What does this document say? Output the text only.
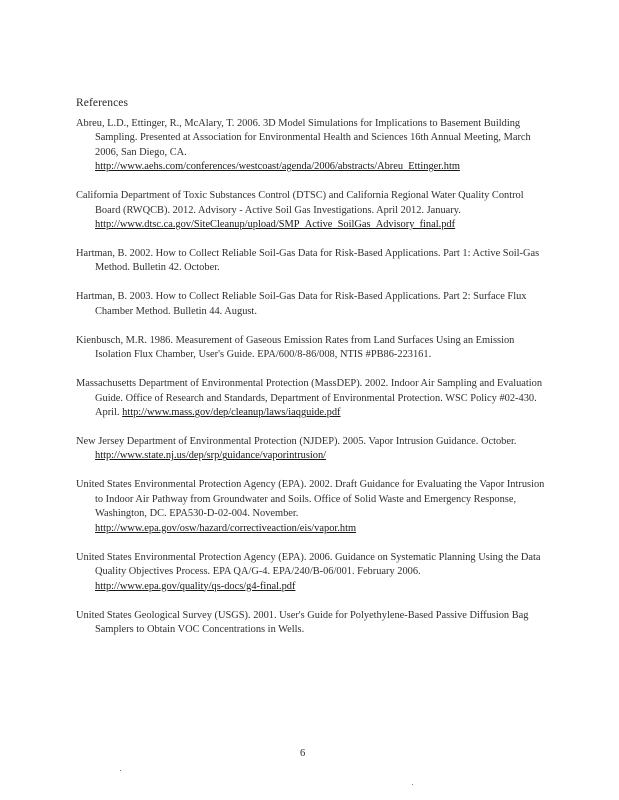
References

Abreu, L.D., Ettinger, R., McAlary, T. 2006. 3D Model Simulations for Implications to Basement Building Sampling. Presented at Association for Environmental Health and Sciences 16th Annual Meeting, March 2006, San Diego, CA. http://www.aehs.com/conferences/westcoast/agenda/2006/abstracts/Abreu_Ettinger.htm

California Department of Toxic Substances Control (DTSC) and California Regional Water Quality Control Board (RWQCB). 2012. Advisory - Active Soil Gas Investigations. April 2012. January. http://www.dtsc.ca.gov/SiteCleanup/upload/SMP_Active_SoilGas_Advisory_final.pdf

Hartman, B. 2002. How to Collect Reliable Soil-Gas Data for Risk-Based Applications. Part 1: Active Soil-Gas Method. Bulletin 42. October.

Hartman, B. 2003. How to Collect Reliable Soil-Gas Data for Risk-Based Applications. Part 2: Surface Flux Chamber Method. Bulletin 44. August.

Kienbusch, M.R. 1986. Measurement of Gaseous Emission Rates from Land Surfaces Using an Emission Isolation Flux Chamber, User's Guide. EPA/600/8-86/008, NTIS #PB86-223161.

Massachusetts Department of Environmental Protection (MassDEP). 2002. Indoor Air Sampling and Evaluation Guide. Office of Research and Standards, Department of Environmental Protection. WSC Policy #02-430. April. http://www.mass.gov/dep/cleanup/laws/iaqguide.pdf

New Jersey Department of Environmental Protection (NJDEP). 2005. Vapor Intrusion Guidance. October. http://www.state.nj.us/dep/srp/guidance/vaporintrusion/

United States Environmental Protection Agency (EPA). 2002. Draft Guidance for Evaluating the Vapor Intrusion to Indoor Air Pathway from Groundwater and Soils. Office of Solid Waste and Emergency Response, Washington, DC. EPA530-D-02-004. November. http://www.epa.gov/osw/hazard/correctiveaction/eis/vapor.htm

United States Environmental Protection Agency (EPA). 2006. Guidance on Systematic Planning Using the Data Quality Objectives Process. EPA QA/G-4. EPA/240/B-06/001. February 2006. http://www.epa.gov/quality/qs-docs/g4-final.pdf

United States Geological Survey (USGS). 2001. User's Guide for Polyethylene-Based Passive Diffusion Bag Samplers to Obtain VOC Concentrations in Wells.

6
